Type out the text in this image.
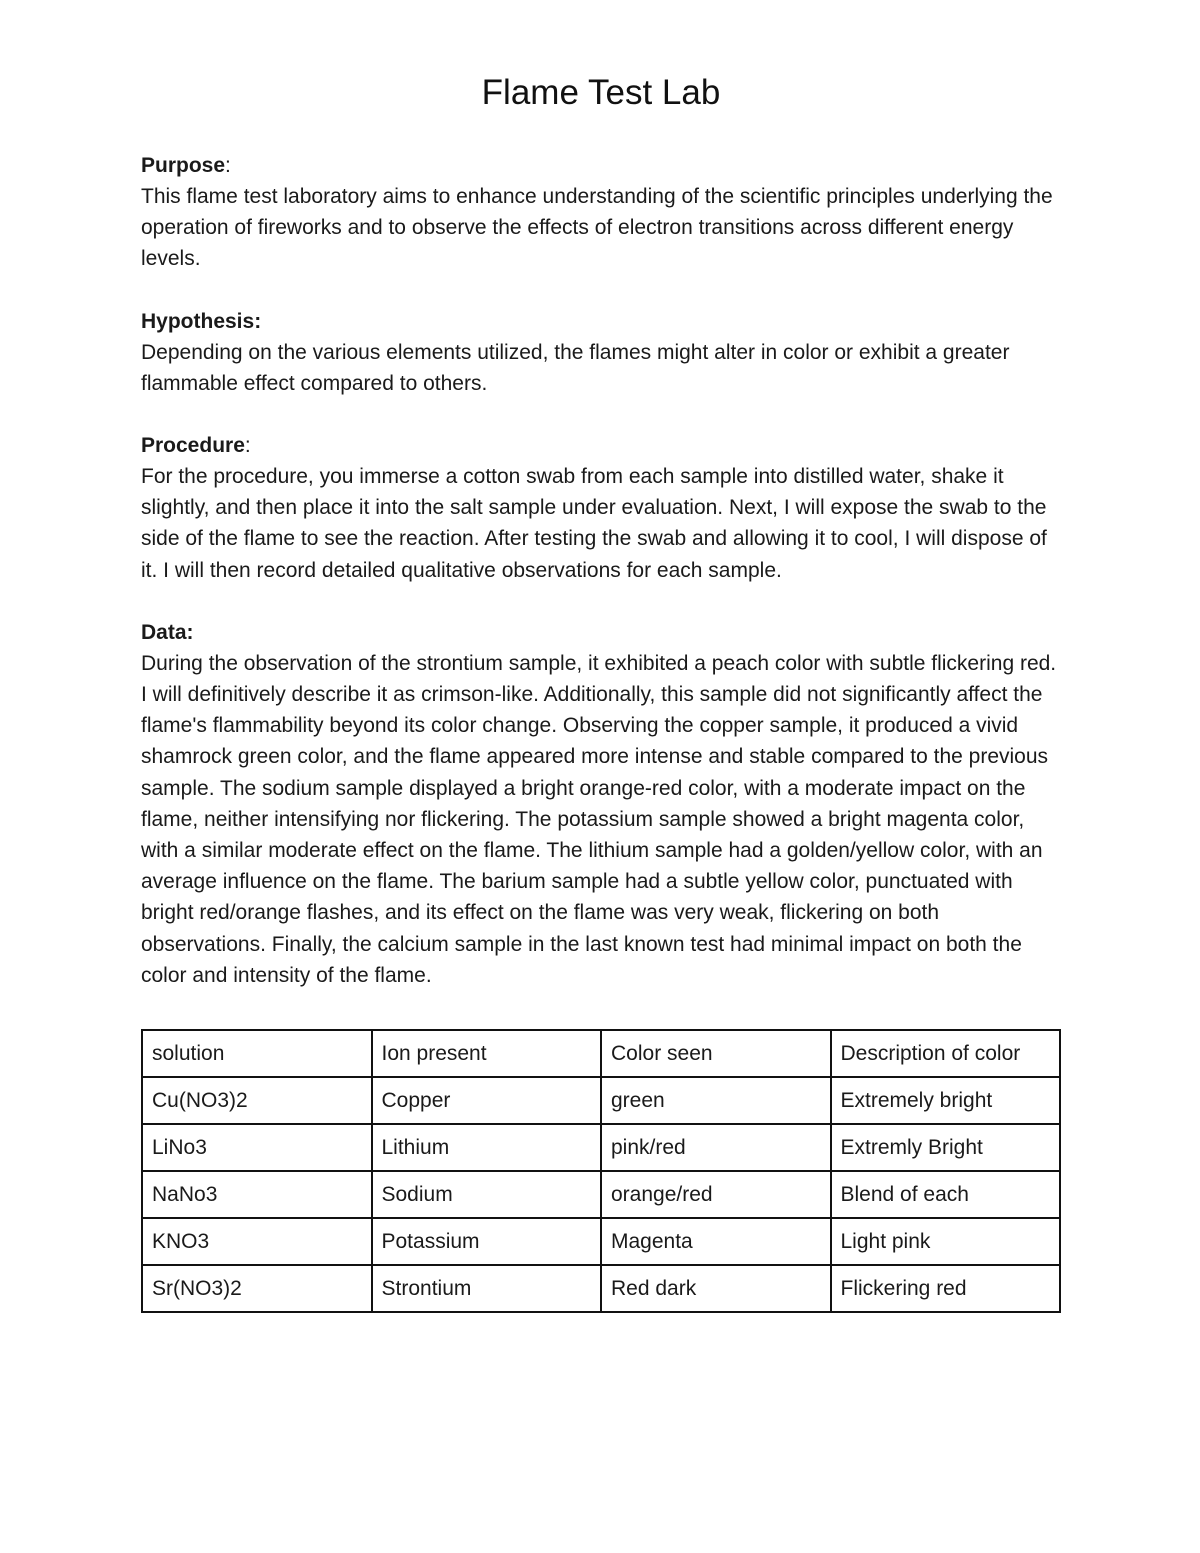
Flame Test Lab

Purpose:

This flame test laboratory aims to enhance understanding of the scientific principles underlying the operation of fireworks and to observe the effects of electron transitions across different energy levels.

Hypothesis:

Depending on the various elements utilized, the flames might alter in color or exhibit a greater flammable effect compared to others.

Procedure:

For the procedure, you immerse a cotton swab from each sample into distilled water, shake it slightly, and then place it into the salt sample under evaluation. Next, I will expose the swab to the side of the flame to see the reaction. After testing the swab and allowing it to cool, I will dispose of it. I will then record detailed qualitative observations for each sample.

Data:

During the observation of the strontium sample, it exhibited a peach color with subtle flickering red. I will definitively describe it as crimson-like. Additionally, this sample did not significantly affect the flame's flammability beyond its color change. Observing the copper sample, it produced a vivid shamrock green color, and the flame appeared more intense and stable compared to the previous sample. The sodium sample displayed a bright orange-red color, with a moderate impact on the flame, neither intensifying nor flickering. The potassium sample showed a bright magenta color, with a similar moderate effect on the flame. The lithium sample had a golden/yellow color, with an average influence on the flame. The barium sample had a subtle yellow color, punctuated with bright red/orange flashes, and its effect on the flame was very weak, flickering on both observations. Finally, the calcium sample in the last known test had minimal impact on both the color and intensity of the flame.

solution	Ion present	Color seen	Description of color
Cu(NO3)2	Copper	green	Extremely bright
LiNo3	Lithium	pink/red	Extremly Bright
NaNo3	Sodium	orange/red	Blend of each
KNO3	Potassium	Magenta	Light pink
Sr(NO3)2	Strontium	Red dark	Flickering red
